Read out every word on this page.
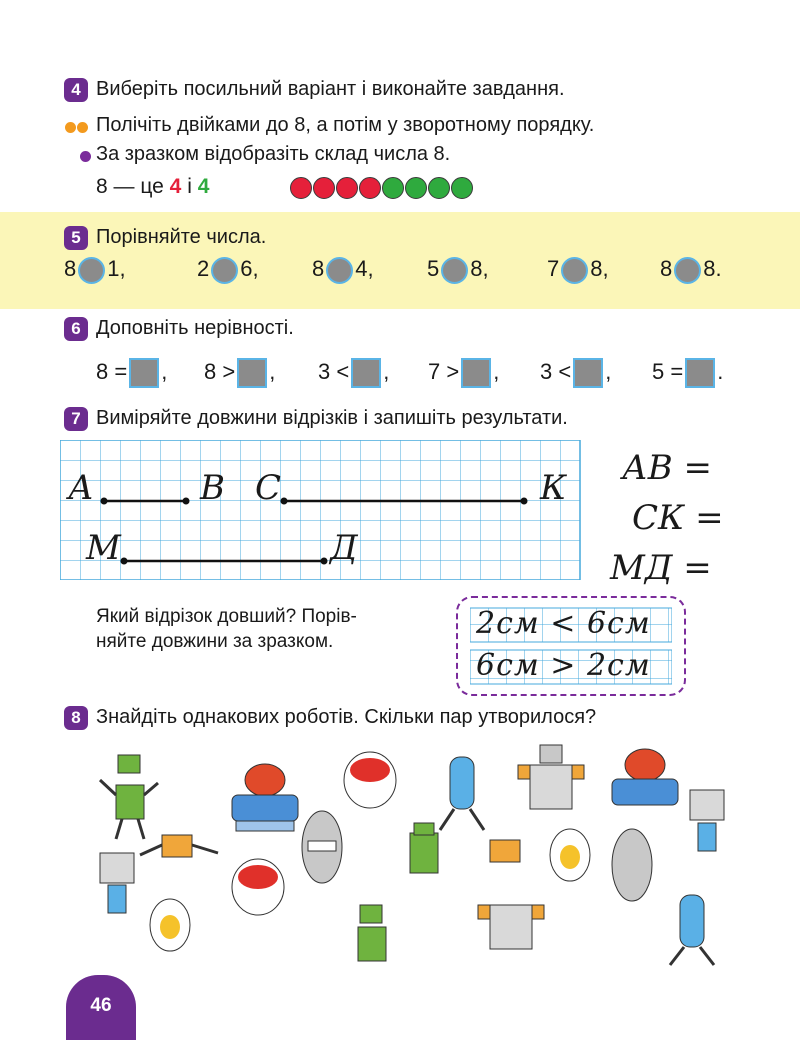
4 Виберіть посильний варіант і виконайте завдання.
Полічіть двійками до 8, а потім у зворотному порядку.
За зразком відобразіть склад числа 8.
8 — це 4 і 4
5 Порівняйте числа.
8 1,	2 6, 8 4, 5 8,	7 8, 8 8.
6 Доповніть нерівності.
8 = , 8 > , 3 < , 7 > , 3 < , 5 = .
7 Виміряйте довжини відрізків і запишіть результати.
А	В С	К
М	Д
АВ =
СК =
МД =
Який відрізок довший? Порів-
няйте довжини за зразком.
2см < 6см
6см > 2см
8 Знайдіть однакових роботів. Скільки пар утворилося?
46
